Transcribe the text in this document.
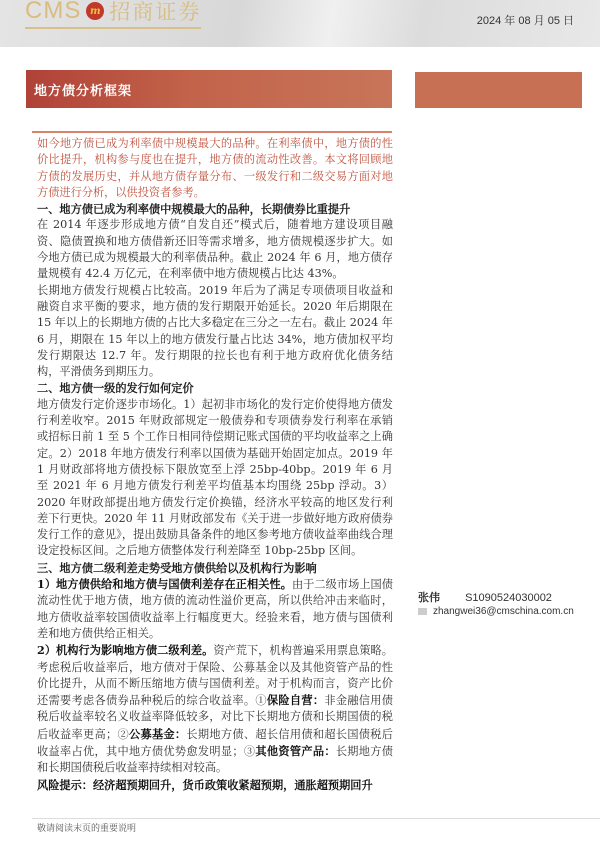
CMS m 招商证券	2024 年 08 月 05 日
地方债分析框架

如今地方债已成为利率债中规模最大的品种。在利率债中，地方债的性价比提升，机构参与度也在提升，地方债的流动性改善。本文将回顾地方债的发展历史，并从地方债存量分布、一级发行和二级交易方面对地方债进行分析，以供投资者参考。

一、地方债已成为利率债中规模最大的品种，长期债券比重提升

在 2014 年逐步形成地方债“自发自还”模式后，随着地方建设项目融资、隐债置换和地方债借新还旧等需求增多，地方债规模逐步扩大。如今地方债已成为规模最大的利率债品种。截止 2024 年 6 月，地方债存量规模有 42.4 万亿元，在利率债中地方债规模占比达 43%。

长期地方债发行规模占比较高。2019 年后为了满足专项债项目收益和融资自求平衡的要求，地方债的发行期限开始延长。2020 年后期限在 15 年以上的长期地方债的占比大多稳定在三分之一左右。截止 2024 年 6 月，期限在 15 年以上的地方债发行量占比达 34%，地方债加权平均发行期限达 12.7 年。发行期限的拉长也有利于地方政府优化债务结构，平滑债务到期压力。

二、地方债一级的发行如何定价

地方债发行定价逐步市场化。1）起初非市场化的发行定价使得地方债发行利差收窄。2015 年财政部规定一般债券和专项债券发行利率在承销或招标日前 1 至 5 个工作日相同待偿期记账式国债的平均收益率之上确定。2）2018 年地方债发行利率以国债为基础开始固定加点。2019 年 1 月财政部将地方债投标下限放宽至上浮 25bp-40bp。2019 年 6 月至 2021 年 6 月地方债发行利差平均值基本均围绕 25bp 浮动。3）2020 年财政部提出地方债发行定价换锚，经济水平较高的地区发行利差下行更快。2020 年 11 月财政部发布《关于进一步做好地方政府债券发行工作的意见》，提出鼓励具备条件的地区参考地方债收益率曲线合理设定投标区间。之后地方债整体发行利差降至 10bp-25bp 区间。

三、地方债二级利差走势受地方债供给以及机构行为影响

1）地方债供给和地方债与国债利差存在正相关性。由于二级市场上国债流动性优于地方债，地方债的流动性溢价更高，所以供给冲击来临时，地方债收益率较国债收益率上行幅度更大。经验来看，地方债与国债利差和地方债供给正相关。

2）机构行为影响地方债二级利差。资产荒下，机构普遍采用票息策略。考虑税后收益率后，地方债对于保险、公募基金以及其他资管产品的性价比提升，从而不断压缩地方债与国债利差。对于机构而言，资产比价还需要考虑各债券品种税后的综合收益率。①保险自营：非金融信用债税后收益率较名义收益率降低较多，对比下长期地方债和长期国债的税后收益率更高；②公募基金：长期地方债、超长信用债和超长国债税后收益率占优，其中地方债优势愈发明显；③其他资管产品：长期地方债和长期国债税后收益率持续相对较高。

风险提示：经济超预期回升，货币政策收紧超预期，通胀超预期回升

敬请阅读末页的重要说明
张伟 S1090524030002
zhangwei36@cmschina.com.cn
